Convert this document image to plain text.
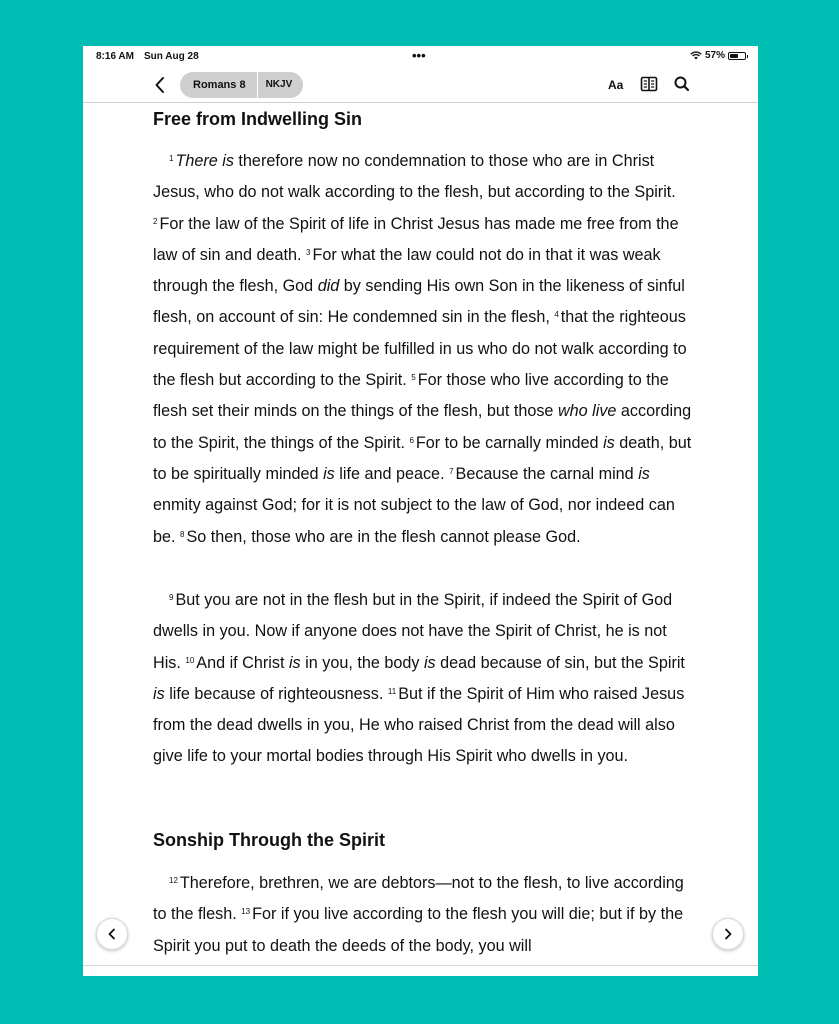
8:16 AM Sun Aug 28	•••	57%
Romans 8	NKJV	Aa
Free from Indwelling Sin

$^1$ There is therefore now no condemnation to those who are in Christ Jesus, who do not walk according to the flesh, but according to the Spirit. $^2$ For the law of the Spirit of life in Christ Jesus has made me free from the law of sin and death. $^3$ For what the law could not do in that it was weak through the flesh, God did by sending His own Son in the likeness of sinful flesh, on account of sin: He condemned sin in the flesh, $^4$ that the righteous requirement of the law might be fulfilled in us who do not walk according to the flesh but according to the Spirit. $^5$ For those who live according to the flesh set their minds on the things of the flesh, but those who live according to the Spirit, the things of the Spirit. $^6$ For to be carnally minded is death, but to be spiritually minded is life and peace. $^7$ Because the carnal mind is enmity against God; for it is not subject to the law of God, nor indeed can be. $^8$ So then, those who are in the flesh cannot please God.

$^9$ But you are not in the flesh but in the Spirit, if indeed the Spirit of God dwells in you. Now if anyone does not have the Spirit of Christ, he is not His. $^{10}$ And if Christ is in you, the body is dead because of sin, but the Spirit is life because of righteousness. $^{11}$ But if the Spirit of Him who raised Jesus from the dead dwells in you, He who raised Christ from the dead will also give life to your mortal bodies through His Spirit who dwells in you.

Sonship Through the Spirit

$^{12}$ Therefore, brethren, we are debtors—not to the flesh, to live according to the flesh. $^{13}$ For if you live according to the flesh you will die; but if by the Spirit you put to death the deeds of the body, you will
